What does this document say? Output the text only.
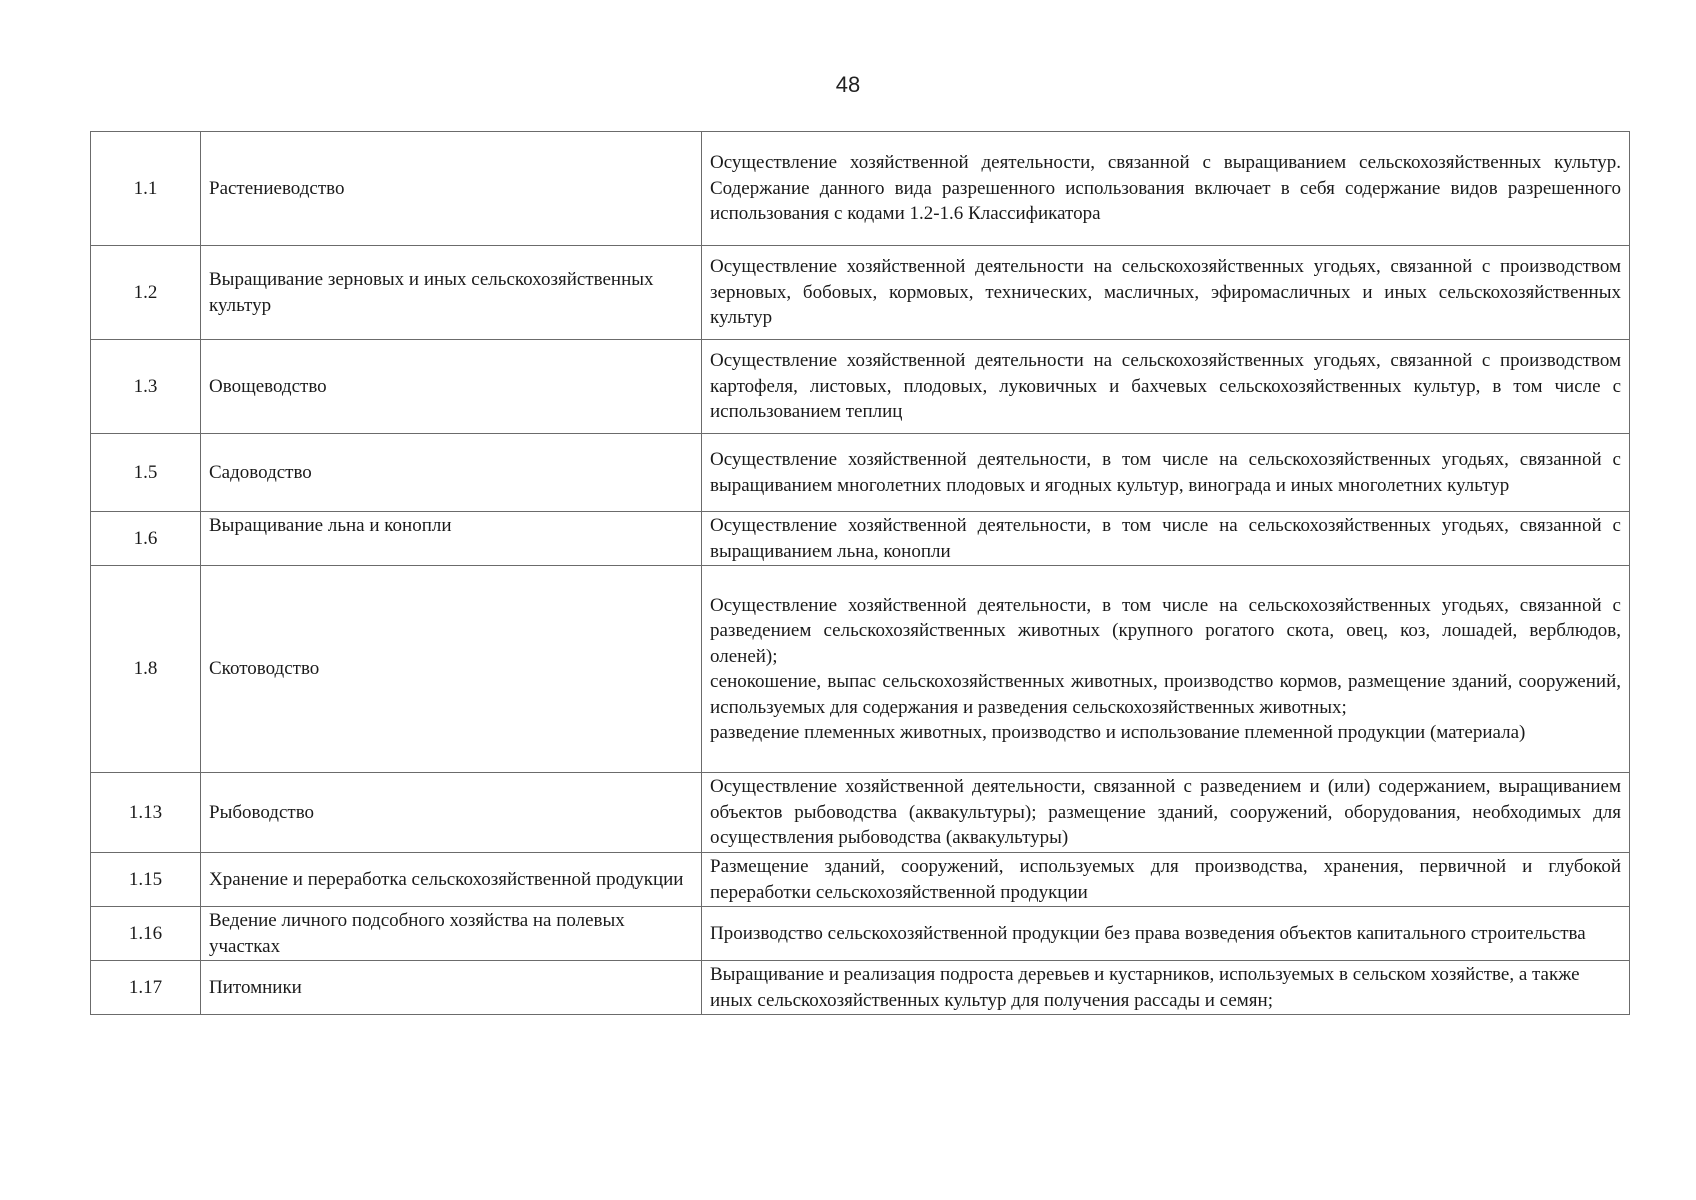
48
1.1	Растениеводство	Осуществление хозяйственной деятельности, связанной с выращиванием сельскохозяйственных культур. Содержание данного вида разрешенного использования включает в себя содержание видов разрешенного использования с кодами 1.2-1.6 Классификатора

1.2	Выращивание зерновых и иных сельскохозяйственных культур	Осуществление хозяйственной деятельности на сельскохозяйственных угодьях, связанной с производством зерновых, бобовых, кормовых, технических, масличных, эфиромасличных и иных сельскохозяйственных культур

1.3	Овощеводство	Осуществление хозяйственной деятельности на сельскохозяйственных угодьях, связанной с производством картофеля, листовых, плодовых, луковичных и бахчевых сельскохозяйственных культур, в том числе с использованием теплиц

1.5	Садоводство	Осуществление хозяйственной деятельности, в том числе на сельскохозяйственных угодьях, связанной с выращиванием многолетних плодовых и ягодных культур, винограда и иных многолетних культур

1.6	Выращивание льна и конопли	Осуществление хозяйственной деятельности, в том числе на сельскохозяйственных угодьях, связанной с выращиванием льна, конопли

1.8	Скотоводство	Осуществление хозяйственной деятельности, в том числе на сельскохозяйственных угодьях, связанной с разведением сельскохозяйственных животных (крупного рогатого скота, овец, коз, лошадей, верблюдов, оленей);
сенокошение, выпас сельскохозяйственных животных, производство кормов, размещение зданий, сооружений, используемых для содержания и разведения сельскохозяйственных животных;
разведение племенных животных, производство и использование племенной продукции (материала)

1.13	Рыбоводство	Осуществление хозяйственной деятельности, связанной с разведением и (или) содержанием, выращиванием объектов рыбоводства (аквакультуры); размещение зданий, сооружений, оборудования, необходимых для осуществления рыбоводства (аквакультуры)

1.15	Хранение и переработка сельскохозяйственной продукции	Размещение зданий, сооружений, используемых для производства, хранения, первичной и глубокой переработки сельскохозяйственной продукции

1.16	Ведение личного подсобного хозяйства на полевых участках	Производство сельскохозяйственной продукции без права возведения объектов капитального строительства

1.17	Питомники	Выращивание и реализация подроста деревьев и кустарников, используемых в сельском хозяйстве, а также иных сельскохозяйственных культур для получения рассады и семян;
